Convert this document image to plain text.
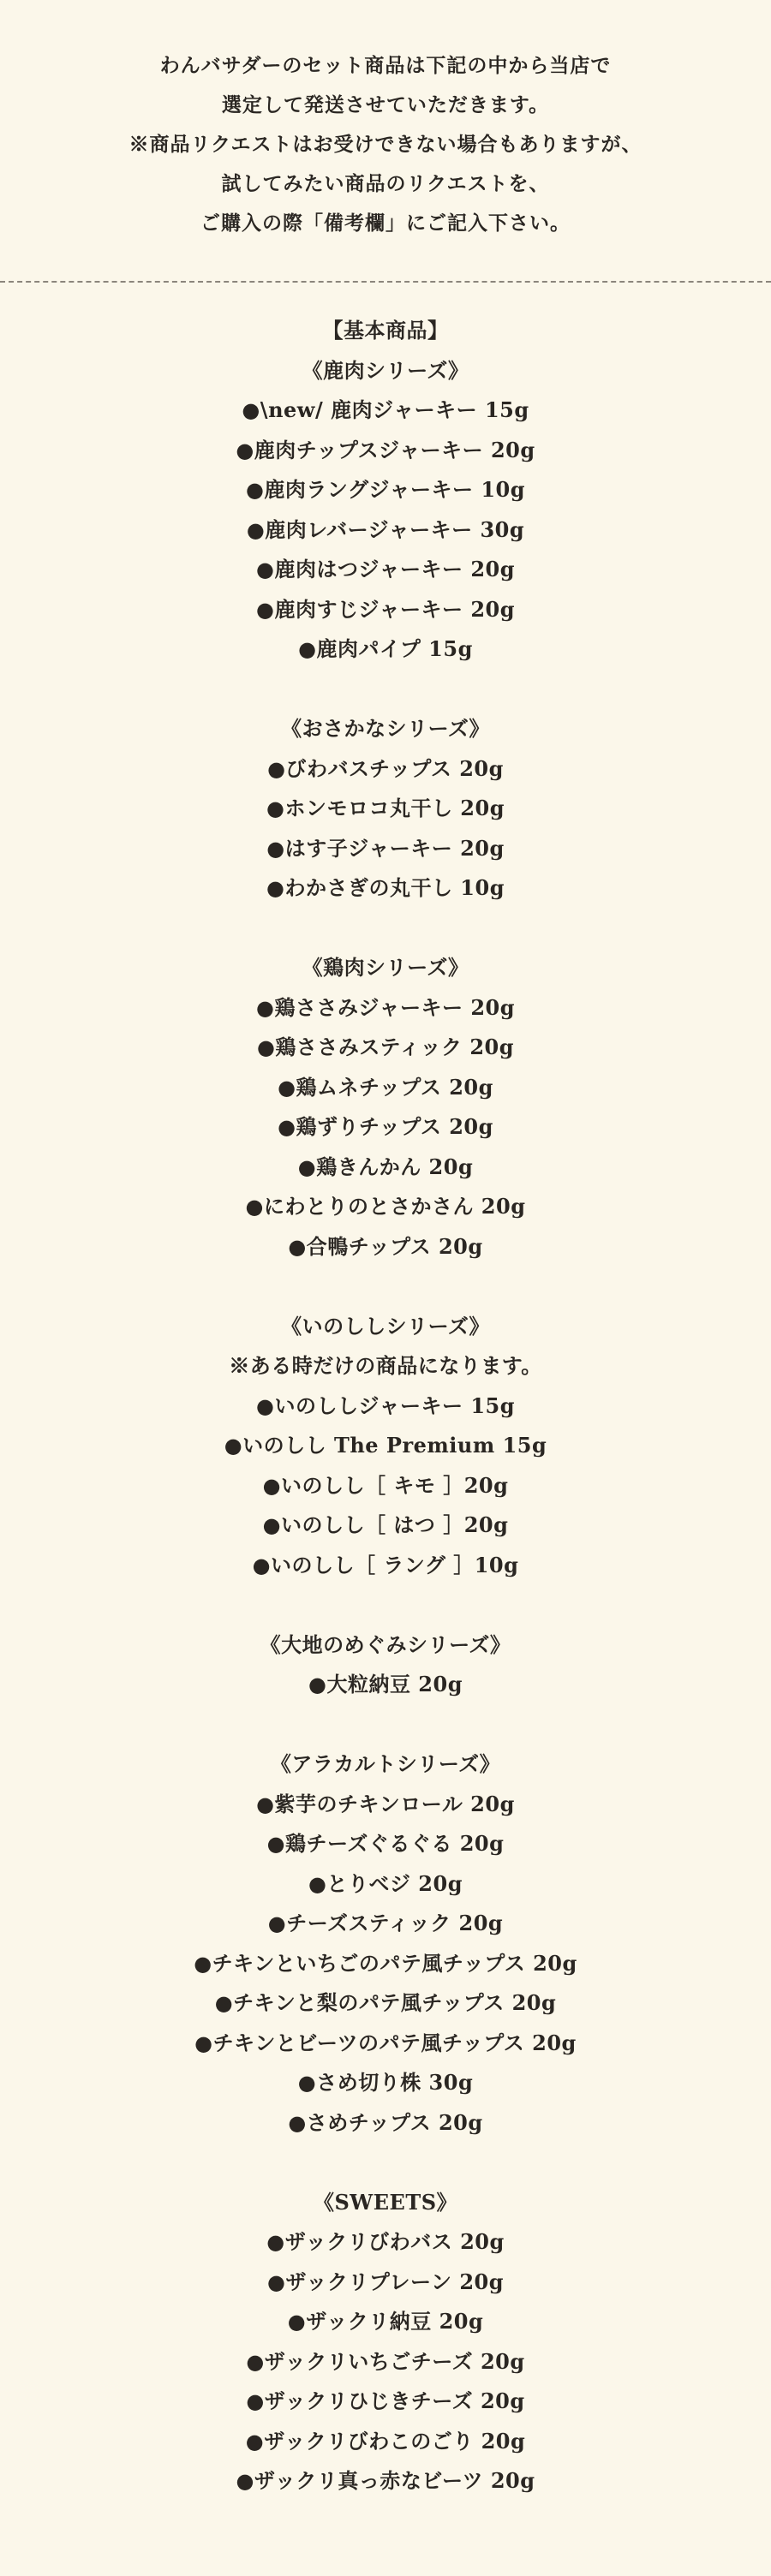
わんバサダーのセット商品は下記の中から当店で
選定して発送させていただきます。
※商品リクエストはお受けできない場合もありますが、
試してみたい商品のリクエストを、
ご購入の際「備考欄」にご記入下さい。
【基本商品】
《鹿肉シリーズ》
●\new/ 鹿肉ジャーキー 15g
●鹿肉チップスジャーキー 20g
●鹿肉ラングジャーキー 10g
●鹿肉レバージャーキー 30g
●鹿肉はつジャーキー 20g
●鹿肉すじジャーキー 20g
●鹿肉パイプ 15g
《おさかなシリーズ》
●びわバスチップス 20g
●ホンモロコ丸干し 20g
●はす子ジャーキー 20g
●わかさぎの丸干し 10g
《鶏肉シリーズ》
●鶏ささみジャーキー 20g
●鶏ささみスティック 20g
●鶏ムネチップス 20g
●鶏ずりチップス 20g
●鶏きんかん 20g
●にわとりのとさかさん 20g
●合鴨チップス 20g
《いのししシリーズ》
※ある時だけの商品になります。
●いのししジャーキー 15g
●いのしし The Premium 15g
●いのしし［ キモ ］20g
●いのしし［ はつ ］20g
●いのしし［ ラング ］10g
《大地のめぐみシリーズ》
●大粒納豆 20g
《アラカルトシリーズ》
●紫芋のチキンロール 20g
●鶏チーズぐるぐる 20g
●とりベジ 20g
●チーズスティック 20g
●チキンといちごのパテ風チップス 20g
●チキンと梨のパテ風チップス 20g
●チキンとビーツのパテ風チップス 20g
●さめ切り株 30g
●さめチップス 20g
《SWEETS》
●ザックリびわバス 20g
●ザックリプレーン 20g
●ザックリ納豆 20g
●ザックリいちごチーズ 20g
●ザックリひじきチーズ 20g
●ザックリびわこのごり 20g
●ザックリ真っ赤なビーツ 20g
